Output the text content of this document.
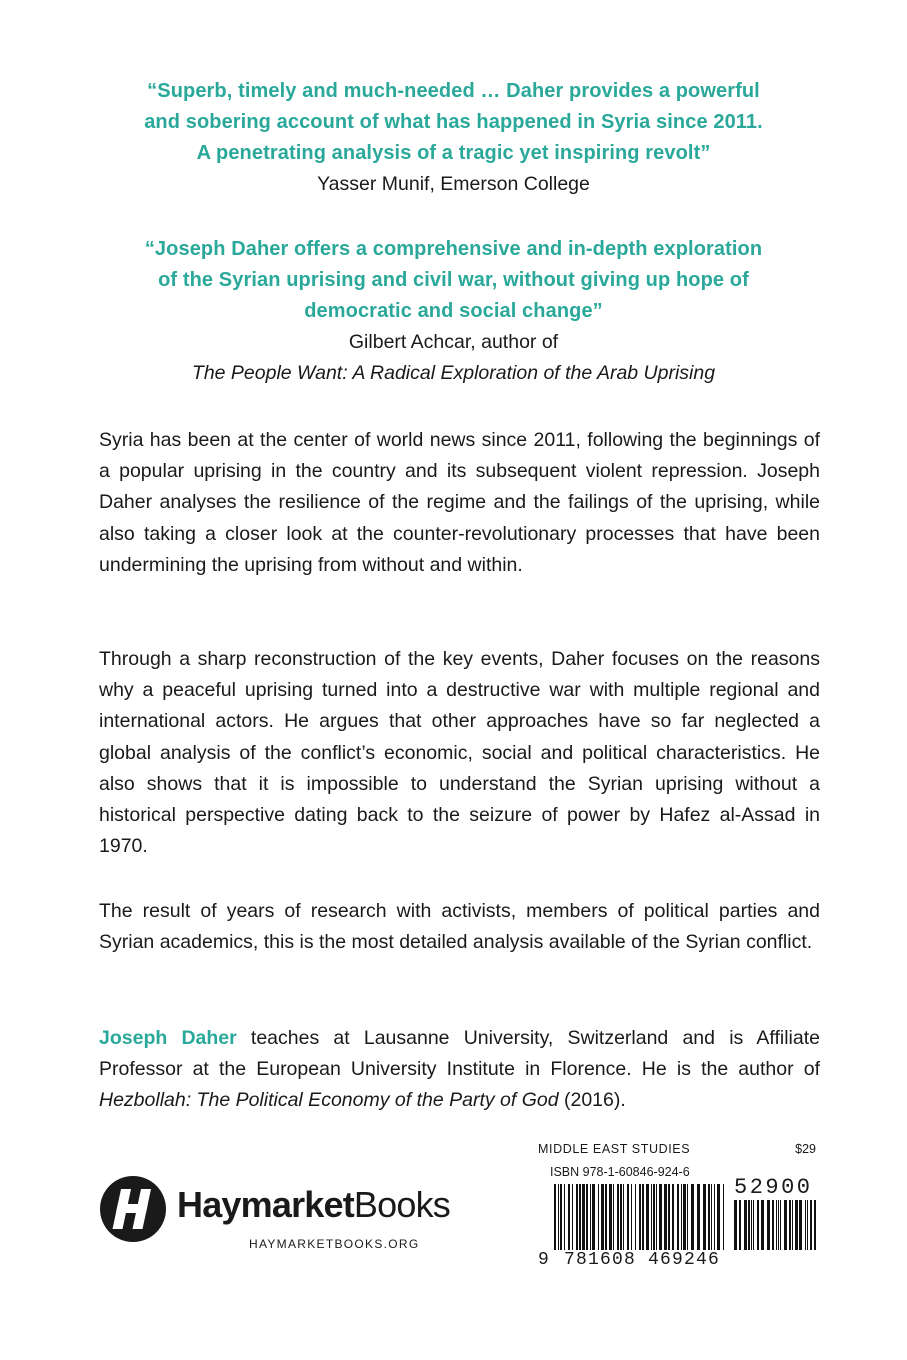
“Superb, timely and much-needed … Daher provides a powerful

and sobering account of what has happened in Syria since 2011.

A penetrating analysis of a tragic yet inspiring revolt”

Yasser Munif, Emerson College

“Joseph Daher offers a comprehensive and in-depth exploration

of the Syrian uprising and civil war, without giving up hope of

democratic and social change”

Gilbert Achcar, author of

The People Want: A Radical Exploration of the Arab Uprising

Syria has been at the center of world news since 2011, following the beginnings of a popular uprising in the country and its subsequent violent repression. Joseph Daher analyses the resilience of the regime and the failings of the uprising, while also taking a closer look at the counter-revolutionary processes that have been undermining the uprising from without and within.

Through a sharp reconstruction of the key events, Daher focuses on the reasons why a peaceful uprising turned into a destructive war with multiple regional and international actors. He argues that other approaches have so far neglected a global analysis of the conflict’s economic, social and political characteristics. He also shows that it is impossible to understand the Syrian uprising without a historical perspective dating back to the seizure of power by Hafez al-Assad in 1970.

The result of years of research with activists, members of political parties and Syrian academics, this is the most detailed analysis available of the Syrian conflict.

Joseph Daher teaches at Lausanne University, Switzerland and is Affiliate Professor at the European University Institute in Florence. He is the author of Hezbollah: The Political Economy of the Party of God (2016).

HaymarketBooks
HAYMARKETBOOKS.ORG
MIDDLE EAST STUDIES	$29
ISBN 978-1-60846-924-6
52900
9 781608 469246
